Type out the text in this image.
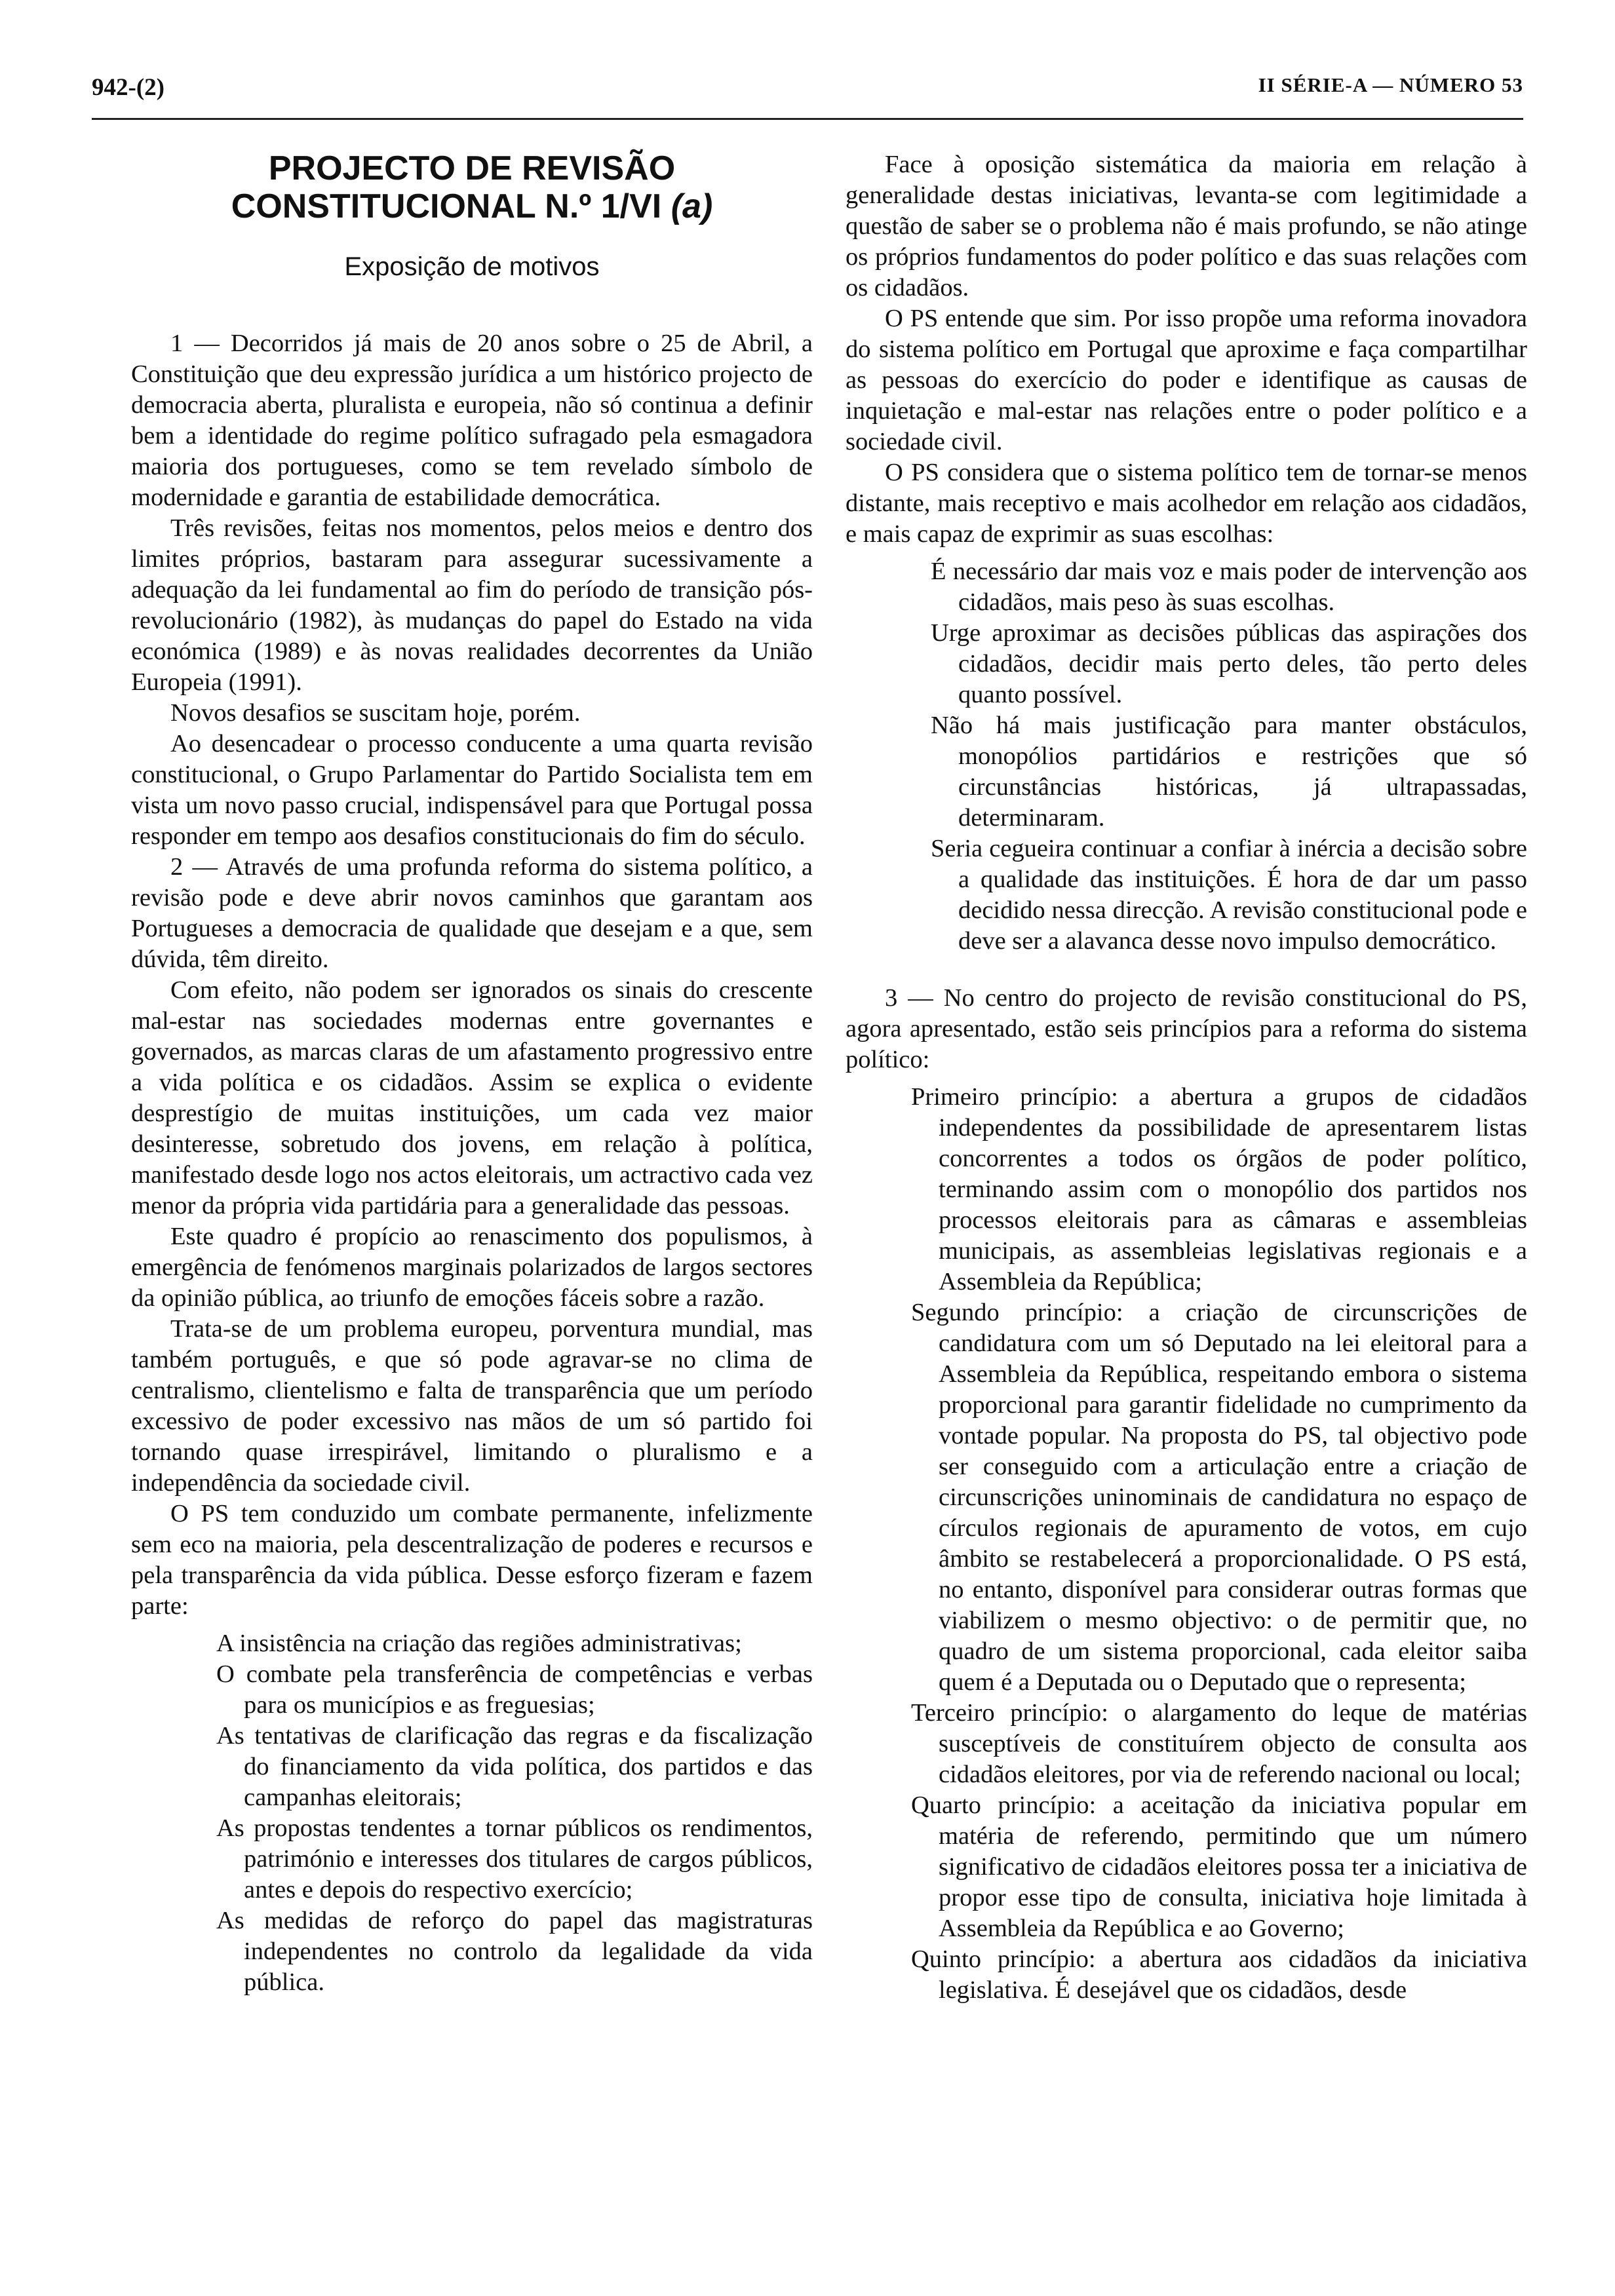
942-(2)	II SÉRIE-A — NÚMERO 53
PROJECTO DE REVISÃO
CONSTITUCIONAL N.º 1/VI (a)
Exposição de motivos

1 — Decorridos já mais de 20 anos sobre o 25 de Abril, a Constituição que deu expressão jurídica a um histórico projecto de democracia aberta, pluralista e europeia, não só continua a definir bem a identidade do regime político sufragado pela esmagadora maioria dos portugueses, como se tem revelado símbolo de modernidade e garantia de estabilidade democrática.

Três revisões, feitas nos momentos, pelos meios e dentro dos limites próprios, bastaram para assegurar sucessivamente a adequação da lei fundamental ao fim do período de transição pós-revolucionário (1982), às mudanças do papel do Estado na vida económica (1989) e às novas realidades decorrentes da União Europeia (1991).

Novos desafios se suscitam hoje, porém.

Ao desencadear o processo conducente a uma quarta revisão constitucional, o Grupo Parlamentar do Partido Socialista tem em vista um novo passo crucial, indispensável para que Portugal possa responder em tempo aos desafios constitucionais do fim do século.

2 — Através de uma profunda reforma do sistema político, a revisão pode e deve abrir novos caminhos que garantam aos Portugueses a democracia de qualidade que desejam e a que, sem dúvida, têm direito.

Com efeito, não podem ser ignorados os sinais do crescente mal-estar nas sociedades modernas entre governantes e governados, as marcas claras de um afastamento progressivo entre a vida política e os cidadãos. Assim se explica o evidente desprestígio de muitas instituições, um cada vez maior desinteresse, sobretudo dos jovens, em relação à política, manifestado desde logo nos actos eleitorais, um actractivo cada vez menor da própria vida partidária para a generalidade das pessoas.

Este quadro é propício ao renascimento dos populismos, à emergência de fenómenos marginais polarizados de largos sectores da opinião pública, ao triunfo de emoções fáceis sobre a razão.

Trata-se de um problema europeu, porventura mundial, mas também português, e que só pode agravar-se no clima de centralismo, clientelismo e falta de transparência que um período excessivo de poder excessivo nas mãos de um só partido foi tornando quase irrespirável, limitando o pluralismo e a independência da sociedade civil.

O PS tem conduzido um combate permanente, infelizmente sem eco na maioria, pela descentralização de poderes e recursos e pela transparência da vida pública. Desse esforço fizeram e fazem parte:

A insistência na criação das regiões administrativas;
O combate pela transferência de competências e verbas para os municípios e as freguesias;
As tentativas de clarificação das regras e da fiscalização do financiamento da vida política, dos partidos e das campanhas eleitorais;
As propostas tendentes a tornar públicos os rendimentos, património e interesses dos titulares de cargos públicos, antes e depois do respectivo exercício;
As medidas de reforço do papel das magistraturas independentes no controlo da legalidade da vida pública.

Face à oposição sistemática da maioria em relação à generalidade destas iniciativas, levanta-se com legitimidade a questão de saber se o problema não é mais profundo, se não atinge os próprios fundamentos do poder político e das suas relações com os cidadãos.

O PS entende que sim. Por isso propõe uma reforma inovadora do sistema político em Portugal que aproxime e faça compartilhar as pessoas do exercício do poder e identifique as causas de inquietação e mal-estar nas relações entre o poder político e a sociedade civil.

O PS considera que o sistema político tem de tornar-se menos distante, mais receptivo e mais acolhedor em relação aos cidadãos, e mais capaz de exprimir as suas escolhas:

É necessário dar mais voz e mais poder de intervenção aos cidadãos, mais peso às suas escolhas.
Urge aproximar as decisões públicas das aspirações dos cidadãos, decidir mais perto deles, tão perto deles quanto possível.
Não há mais justificação para manter obstáculos, monopólios partidários e restrições que só circunstâncias históricas, já ultrapassadas, determinaram.
Seria cegueira continuar a confiar à inércia a decisão sobre a qualidade das instituições. É hora de dar um passo decidido nessa direcção. A revisão constitucional pode e deve ser a alavanca desse novo impulso democrático.

3 — No centro do projecto de revisão constitucional do PS, agora apresentado, estão seis princípios para a reforma do sistema político:

Primeiro princípio: a abertura a grupos de cidadãos independentes da possibilidade de apresentarem listas concorrentes a todos os órgãos de poder político, terminando assim com o monopólio dos partidos nos processos eleitorais para as câmaras e assembleias municipais, as assembleias legislativas regionais e a Assembleia da República;
Segundo princípio: a criação de circunscrições de candidatura com um só Deputado na lei eleitoral para a Assembleia da República, respeitando embora o sistema proporcional para garantir fidelidade no cumprimento da vontade popular. Na proposta do PS, tal objectivo pode ser conseguido com a articulação entre a criação de circunscrições uninominais de candidatura no espaço de círculos regionais de apuramento de votos, em cujo âmbito se restabelecerá a proporcionalidade. O PS está, no entanto, disponível para considerar outras formas que viabilizem o mesmo objectivo: o de permitir que, no quadro de um sistema proporcional, cada eleitor saiba quem é a Deputada ou o Deputado que o representa;
Terceiro princípio: o alargamento do leque de matérias susceptíveis de constituírem objecto de consulta aos cidadãos eleitores, por via de referendo nacional ou local;
Quarto princípio: a aceitação da iniciativa popular em matéria de referendo, permitindo que um número significativo de cidadãos eleitores possa ter a iniciativa de propor esse tipo de consulta, iniciativa hoje limitada à Assembleia da República e ao Governo;
Quinto princípio: a abertura aos cidadãos da iniciativa legislativa. É desejável que os cidadãos, desde
